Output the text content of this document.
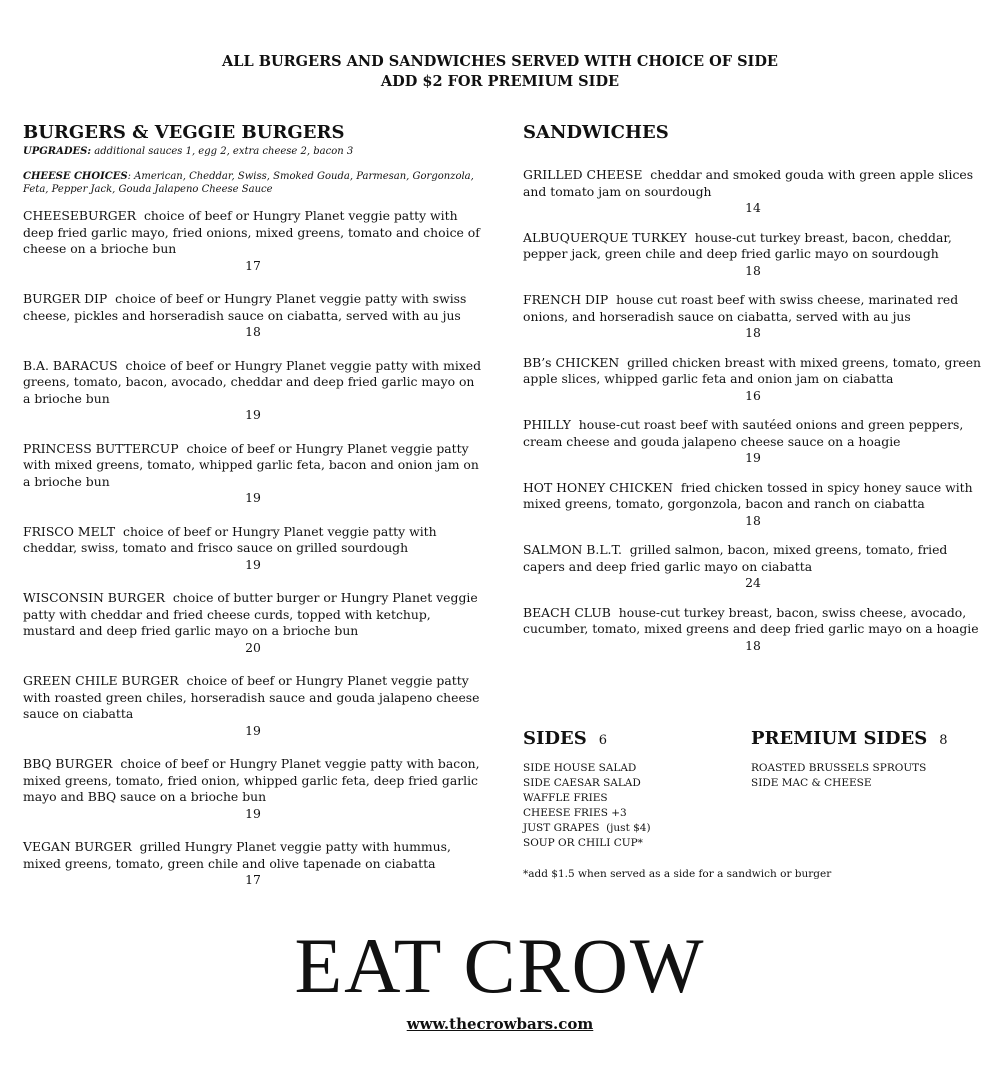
ALL BURGERS AND SANDWICHES SERVED WITH CHOICE OF SIDE
ADD $2 FOR PREMIUM SIDE
BURGERS & VEGGIE BURGERS
UPGRADES: additional sauces 1, egg 2, extra cheese 2, bacon 3
CHEESE CHOICES: American, Cheddar, Swiss, Smoked Gouda, Parmesan, Gorgonzola, Feta, Pepper Jack, Gouda Jalapeno Cheese Sauce
CHEESEBURGER choice of beef or Hungry Planet veggie patty with deep fried garlic mayo, fried onions, mixed greens, tomato and choice of cheese on a brioche bun
17
BURGER DIP choice of beef or Hungry Planet veggie patty with swiss cheese, pickles and horseradish sauce on ciabatta, served with au jus
18
B.A. BARACUS choice of beef or Hungry Planet veggie patty with mixed greens, tomato, bacon, avocado, cheddar and deep fried garlic mayo on a brioche bun
19
PRINCESS BUTTERCUP choice of beef or Hungry Planet veggie patty with mixed greens, tomato, whipped garlic feta, bacon and onion jam on a brioche bun
19
FRISCO MELT choice of beef or Hungry Planet veggie patty with cheddar, swiss, tomato and frisco sauce on grilled sourdough
19
WISCONSIN BURGER choice of butter burger or Hungry Planet veggie patty with cheddar and fried cheese curds, topped with ketchup, mustard and deep fried garlic mayo on a brioche bun
20
GREEN CHILE BURGER choice of beef or Hungry Planet veggie patty with roasted green chiles, horseradish sauce and gouda jalapeno cheese sauce on ciabatta
19
BBQ BURGER choice of beef or Hungry Planet veggie patty with bacon, mixed greens, tomato, fried onion, whipped garlic feta, deep fried garlic mayo and BBQ sauce on a brioche bun
19
VEGAN BURGER grilled Hungry Planet veggie patty with hummus, mixed greens, tomato, green chile and olive tapenade on ciabatta
17
SANDWICHES
GRILLED CHEESE cheddar and smoked gouda with green apple slices and tomato jam on sourdough
14
ALBUQUERQUE TURKEY house-cut turkey breast, bacon, cheddar, pepper jack, green chile and deep fried garlic mayo on sourdough
18
FRENCH DIP house cut roast beef with swiss cheese, marinated red onions, and horseradish sauce on ciabatta, served with au jus
18
BB’s CHICKEN grilled chicken breast with mixed greens, tomato, green apple slices, whipped garlic feta and onion jam on ciabatta
16
PHILLY house-cut roast beef with sautéed onions and green peppers, cream cheese and gouda jalapeno cheese sauce on a hoagie
19
HOT HONEY CHICKEN fried chicken tossed in spicy honey sauce with mixed greens, tomato, gorgonzola, bacon and ranch on ciabatta
18
SALMON B.L.T. grilled salmon, bacon, mixed greens, tomato, fried capers and deep fried garlic mayo on ciabatta
24
BEACH CLUB house-cut turkey breast, bacon, swiss cheese, avocado, cucumber, tomato, mixed greens and deep fried garlic mayo on a hoagie
18
SIDES 6
SIDE HOUSE SALAD
SIDE CAESAR SALAD
WAFFLE FRIES
CHEESE FRIES +3
JUST GRAPES  (just $4)
SOUP OR CHILI CUP*
PREMIUM SIDES 8
ROASTED BRUSSELS SPROUTS
SIDE MAC & CHEESE
*add $1.5 when served as a side for a sandwich or burger
EAT CROW
www.thecrowbars.com
